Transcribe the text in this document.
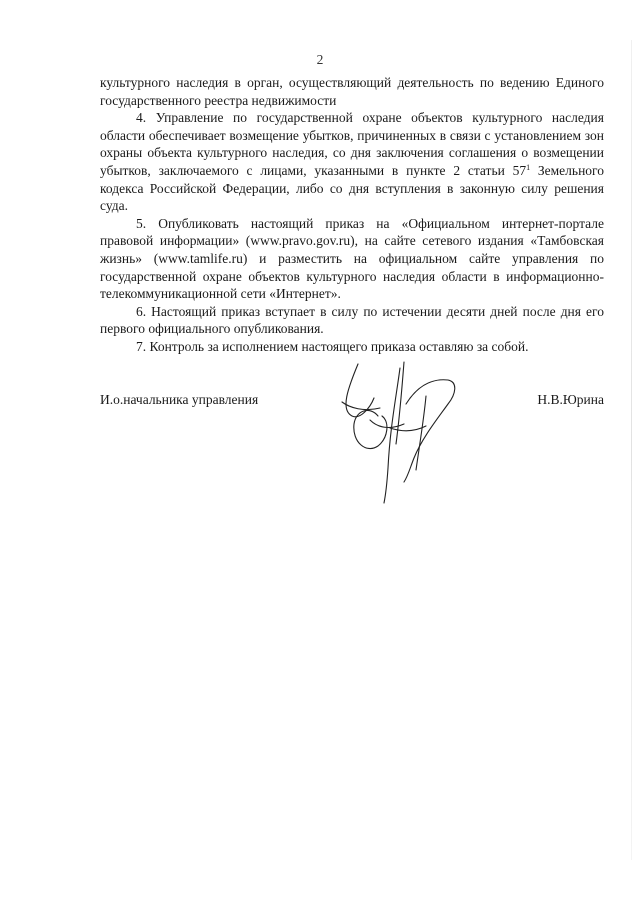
2

культурного наследия в орган, осуществляющий деятельность по ведению Единого государственного реестра недвижимости

4. Управление по государственной охране объектов культурного наследия области обеспечивает возмещение убытков, причиненных в связи с установлением зон охраны объекта культурного наследия, со дня заключения соглашения о возмещении убытков, заключаемого с лицами, указанными в пункте 2 статьи $57^1$ Земельного кодекса Российской Федерации, либо со дня вступления в законную силу решения суда.

5. Опубликовать настоящий приказ на «Официальном интернет-портале правовой информации» (www.pravo.gov.ru), на сайте сетевого издания «Тамбовская жизнь» (www.tamlife.ru) и разместить на официальном сайте управления по государственной охране объектов культурного наследия области в информационно-телекоммуникационной сети «Интернет».

6. Настоящий приказ вступает в силу по истечении десяти дней после дня его первого официального опубликования.

7. Контроль за исполнением настоящего приказа оставляю за собой.

И.о.начальника управления	Н.В.Юрина
